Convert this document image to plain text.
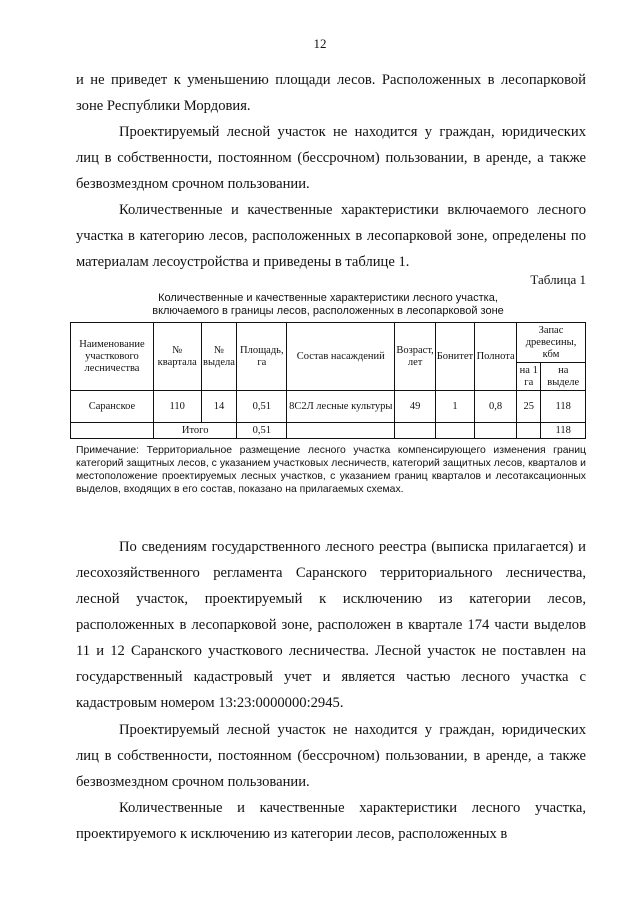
12

и не приведет к уменьшению площади лесов. Расположенных в лесопарковой зоне Республики Мордовия.

Проектируемый лесной участок не находится у граждан, юридических лиц в собственности, постоянном (бессрочном) пользовании, в аренде, а также безвозмездном срочном пользовании.

Количественные и качественные характеристики включаемого лесного участка в категорию лесов, расположенных в лесопарковой зоне, определены по материалам лесоустройства и приведены в таблице 1.

Таблица 1
Количественные и качественные характеристики лесного участка,
включаемого в границы лесов, расположенных в лесопарковой зоне
Наименование участкового лесничества	№ квартала	№ выдела	Площадь, га	Состав насаждений	Возраст, лет	Бонитет	Полнота	Запас древесины, кбм	
								на 1 га	на выделе
Саранское	110	14	0,51	8С2Л лесные культуры	49	1	0,8	25	118
	Итого		0,51						118

Примечание: Территориальное размещение лесного участка компенсирующего изменения границ категорий защитных лесов, с указанием участковых лесничеств, категорий защитных лесов, кварталов и местоположение проектируемых лесных участков, с указанием границ кварталов и лесотаксационных выделов, входящих в его состав, показано на прилагаемых схемах.

По сведениям государственного лесного реестра (выписка прилагается) и лесохозяйственного регламента Саранского территориального лесничества, лесной участок, проектируемый к исключению из категории лесов, расположенных в лесопарковой зоне, расположен в квартале 174 части выделов 11 и 12 Саранского участкового лесничества. Лесной участок не поставлен на государственный кадастровый учет и является частью лесного участка с кадастровым номером 13:23:0000000:2945.

Проектируемый лесной участок не находится у граждан, юридических лиц в собственности, постоянном (бессрочном) пользовании, в аренде, а также безвозмездном срочном пользовании.

Количественные и качественные характеристики лесного участка, проектируемого к исключению из категории лесов, расположенных в
